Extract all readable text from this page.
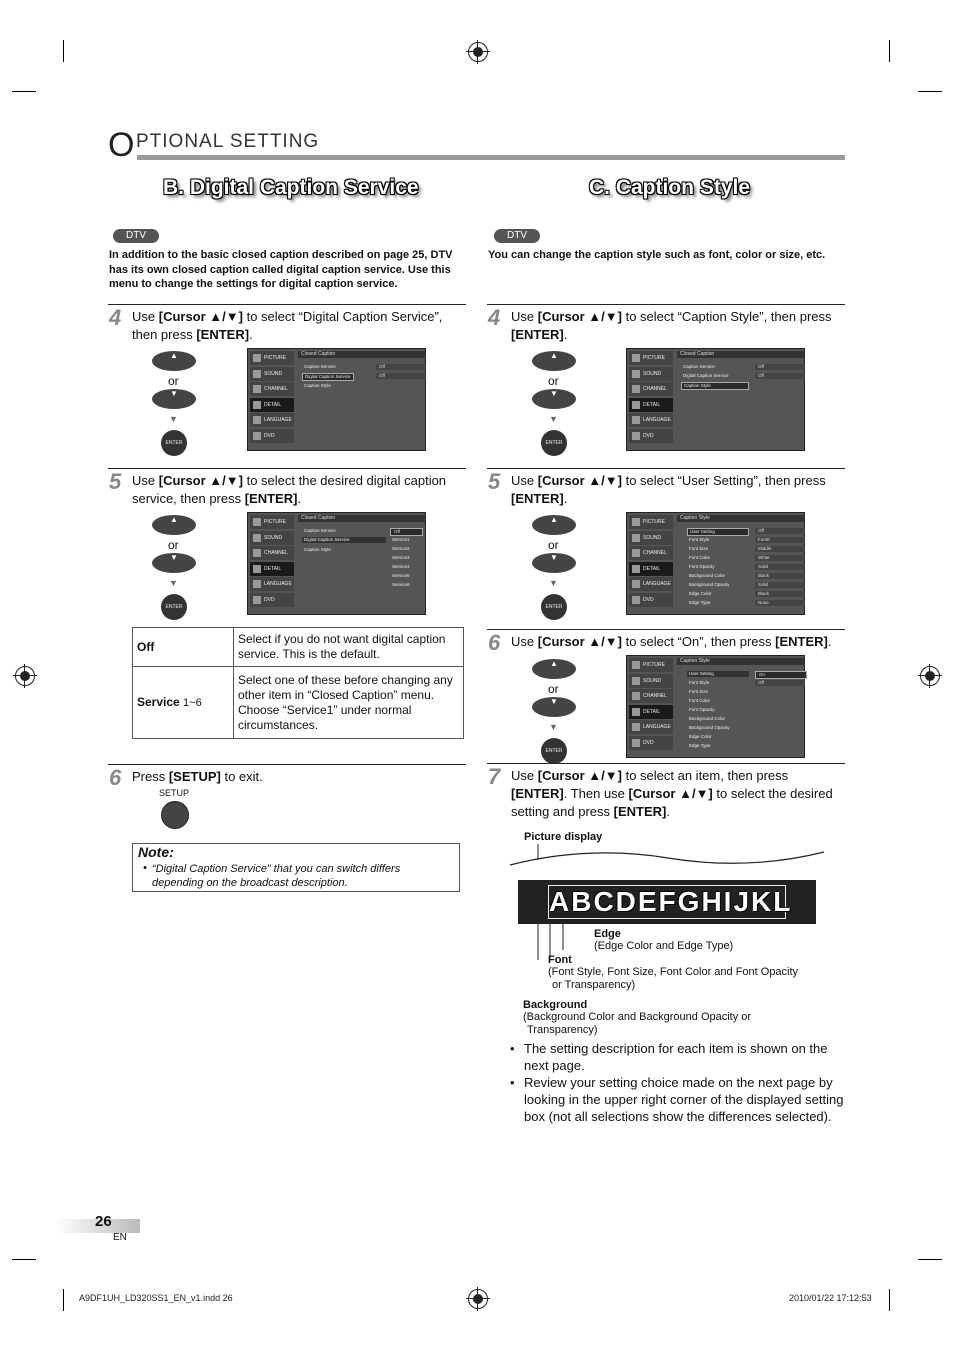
O PTIONAL SETTING
B. Digital Caption Service
DTV
In addition to the basic closed caption described on page 25, DTV has its own closed caption called digital caption service. Use this menu to change the settings for digital caption service.
4 Use [Cursor ▲/▼] to select “Digital Caption Service”, then press [ENTER].
▲
or
▼
▼
ENTER
PICTURE
SOUND
CHANNEL
DETAIL
LANGUAGE
DVD
Closed Caption
Caption Service
Digital Caption Service
Caption Style
Off
Off
5 Use [Cursor ▲/▼] to select the desired digital caption service, then press [ENTER].
▲
or
▼
▼
ENTER
PICTURE
SOUND
CHANNEL
DETAIL
LANGUAGE
DVD
Closed Caption
Caption Service
Digital Caption Service
Caption Style
Off
Service1
Service2
Service3
Service4
Service5
Service6
Off	Select if you do not want digital caption service. This is the default.
Service 1~6	Select one of these before changing any other item in “Closed Caption” menu. Choose “Service1” under normal circumstances.
6 Press [SETUP] to exit.
SETUP
Note:
• “Digital Caption Service” that you can switch differs depending on the broadcast description.
C. Caption Style
DTV
You can change the caption style such as font, color or size, etc.
4 Use [Cursor ▲/▼] to select “Caption Style”, then press [ENTER].
▲
or
▼
▼
ENTER
PICTURE
SOUND
CHANNEL
DETAIL
LANGUAGE
DVD
Closed Caption
Caption Service
Digital Caption Service
Caption Style
Off
Off
5 Use [Cursor ▲/▼] to select “User Setting”, then press [ENTER].
▲
or
▼
▼
ENTER
PICTURE
SOUND
CHANNEL
DETAIL
LANGUAGE
DVD
Caption Style
User Setting
Font Style
Font Size
Font Color
Font Opacity
Background Color
Background Opacity
Edge Color
Edge Type
Off
Font0
Middle
White
Solid
Black
Solid
Black
None
6 Use [Cursor ▲/▼] to select “On”, then press [ENTER].
▲
or
▼
▼
ENTER
PICTURE
SOUND
CHANNEL
DETAIL
LANGUAGE
DVD
Caption Style
User Setting
Font Style
Font Size
Font Color
Font Opacity
Background Color
Background Opacity
Edge Color
Edge Type
On
Off
7 Use [Cursor ▲/▼] to select an item, then press [ENTER]. Then use [Cursor ▲/▼] to select the desired setting and press [ENTER].
Picture display
ABCDEFGHIJKL
Edge
(Edge Color and Edge Type)
Font
(Font Style, Font Size, Font Color and Font Opacity
or Transparency)
Background
(Background Color and Background Opacity or
Transparency)
• The setting description for each item is shown on the next page.
• Review your setting choice made on the next page by looking in the upper right corner of the displayed setting box (not all selections show the differences selected).
26
EN
A9DF1UH_LD320SS1_EN_v1.indd 26	2010/01/22 17:12:53
